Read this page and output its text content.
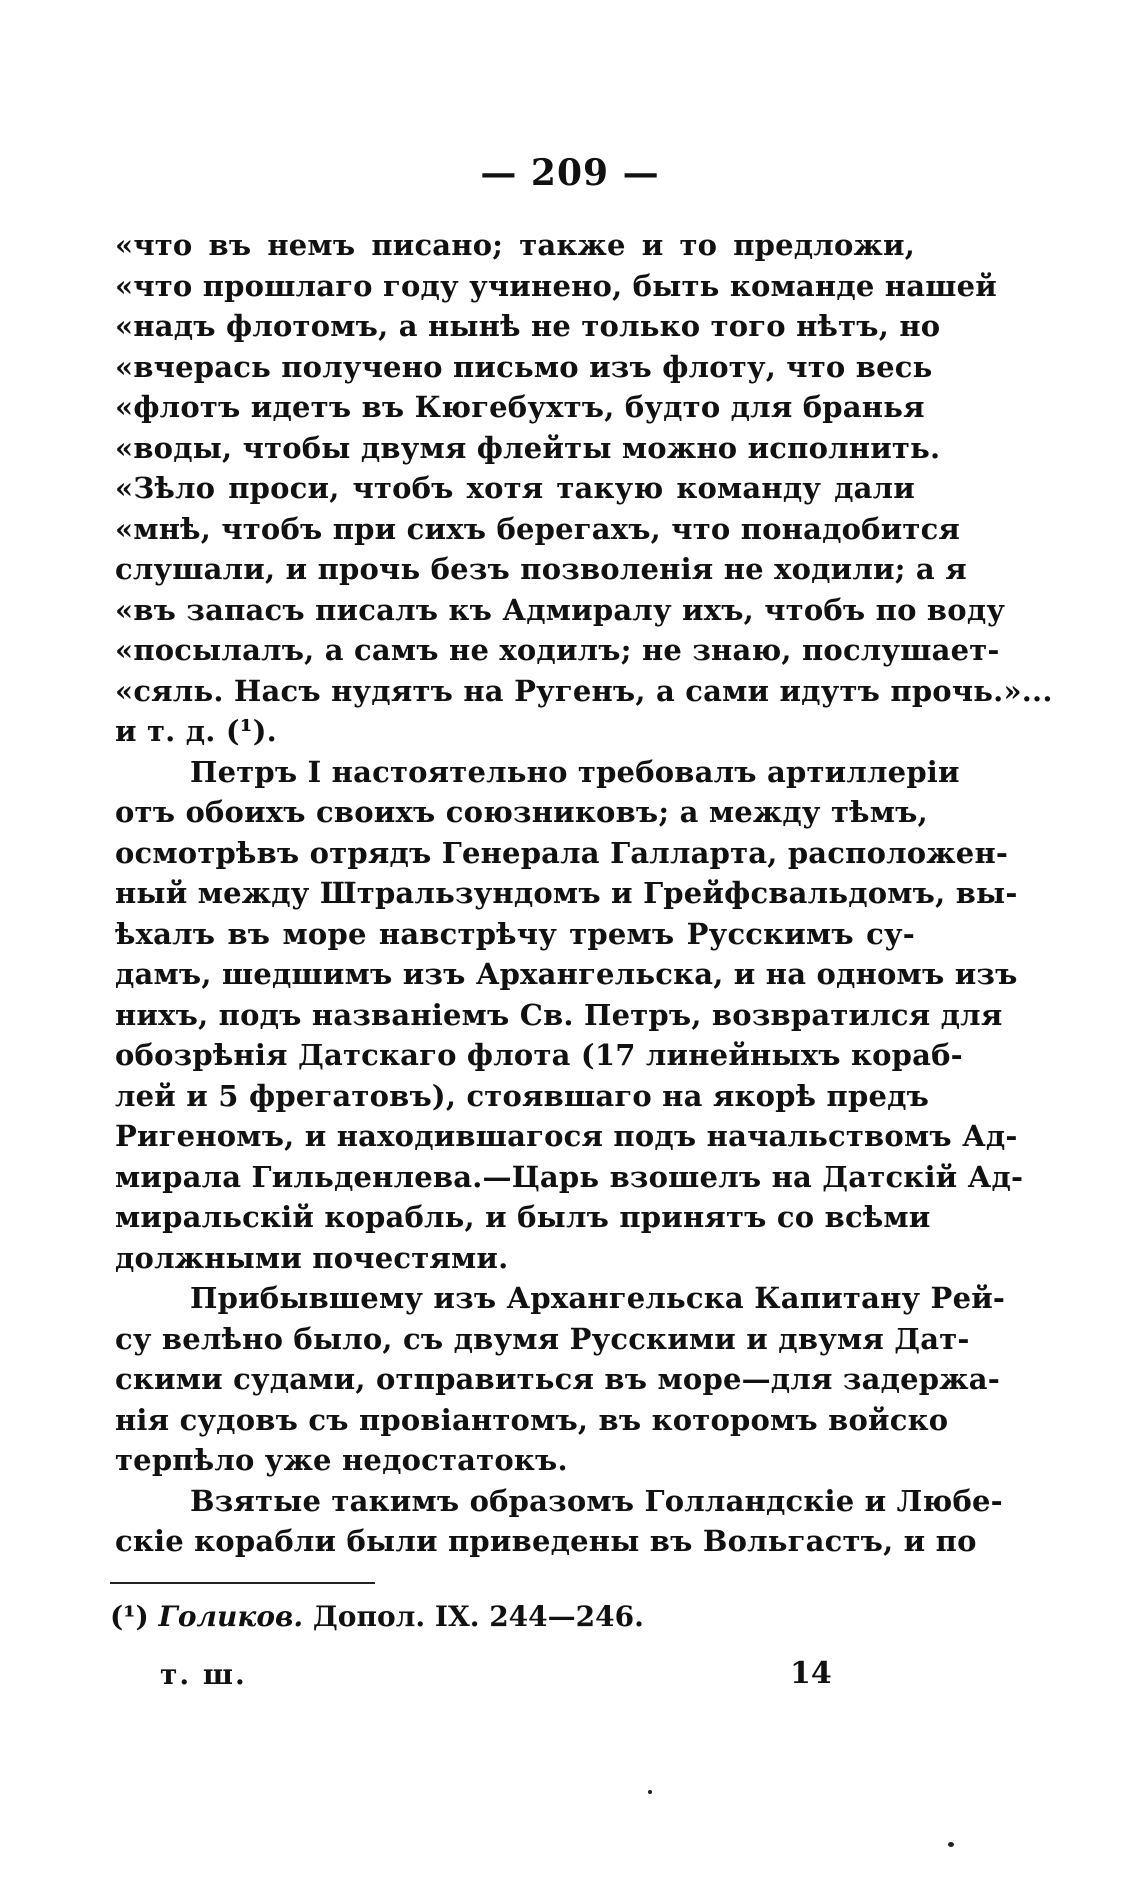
— 209 —
«что въ немъ писано; также и то предложи,
«что прошлаго году учинено, быть команде нашей
«надъ флотомъ, а нынѣ не только того нѣтъ, но
«вчерась получено письмо изъ флоту, что весь
«флотъ идетъ въ Кюгебухтъ, будто для бранья
«воды, чтобы двумя флейты можно исполнить.
«Зѣло проси, чтобъ хотя такую команду дали
«мнѣ, чтобъ при сихъ берегахъ, что понадобится
слушали, и прочь безъ позволенія не ходили; а я
«въ запасъ писалъ къ Адмиралу ихъ, чтобъ по воду
«посылалъ, а самъ не ходилъ; не знаю, послушает-
«сяль. Насъ нудятъ на Ругенъ, а сами идутъ прочь.»...
и т. д. (¹).
Петръ I настоятельно требовалъ артиллеріи
отъ обоихъ своихъ союзниковъ; а между тѣмъ,
осмотрѣвъ отрядъ Генерала Галларта, расположен-
ный между Штральзундомъ и Грейфсвальдомъ, вы-
ѣхалъ въ море навстрѣчу тремъ Русскимъ су-
дамъ, шедшимъ изъ Архангельска, и на одномъ изъ
нихъ, подъ названіемъ Св. Петръ, возвратился для
обозрѣнія Датскаго флота (17 линейныхъ кораб-
лей и 5 фрегатовъ), стоявшаго на якорѣ предъ
Ригеномъ, и находившагося подъ начальствомъ Ад-
мирала Гильденлева.—Царь взошелъ на Датскій Ад-
миральскій корабль, и былъ принятъ со всѣми
должными почестями.
Прибывшему изъ Архангельска Капитану Рей-
су велѣно было, съ двумя Русскими и двумя Дат-
скими судами, отправиться въ море—для задержа-
нія судовъ съ провіантомъ, въ которомъ войско
терпѣло уже недостатокъ.
Взятые такимъ образомъ Голландскіе и Любе-
скіе корабли были приведены въ Вольгастъ, и по
(¹) Голиков. Допол. IX. 244—246.
т. ш.	14
